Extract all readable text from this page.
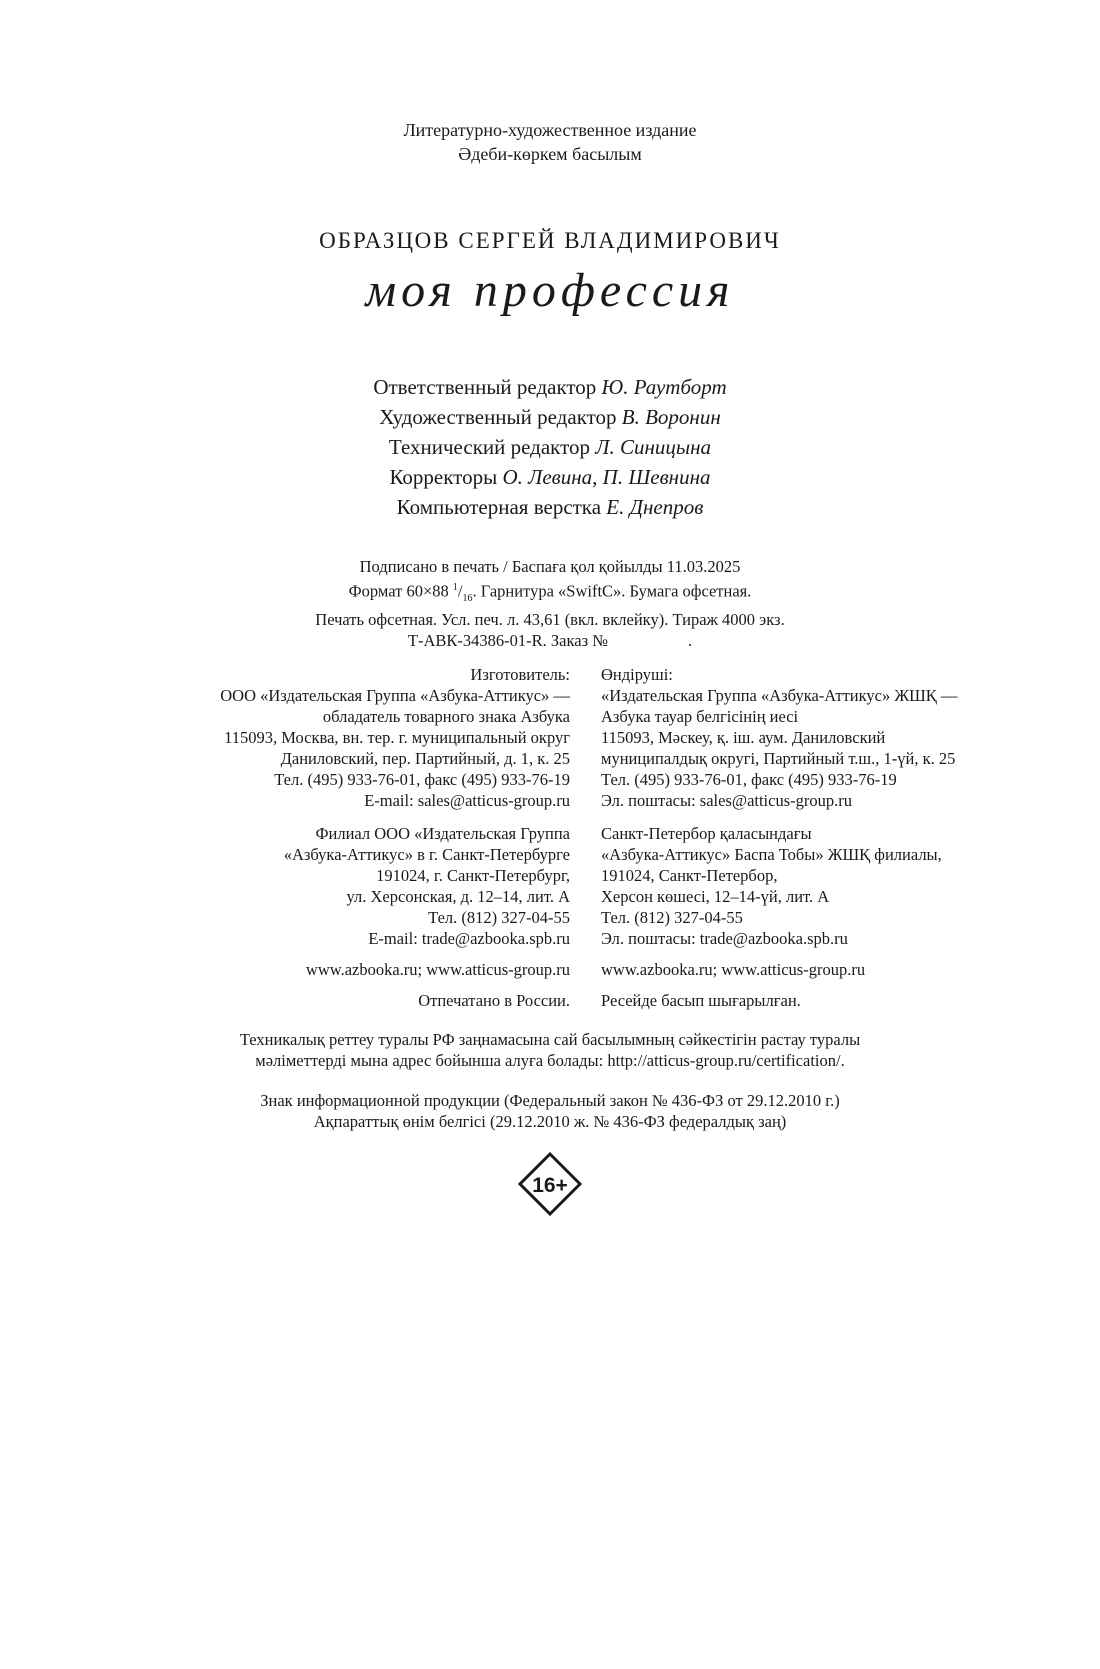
Литературно-художественное издание
Әдеби-көркем басылым
ОБРАЗЦОВ СЕРГЕЙ ВЛАДИМИРОВИЧ
моя профессия
Ответственный редактор Ю. Раутборт
Художественный редактор В. Воронин
Технический редактор Л. Синицына
Корректоры О. Левина, П. Шевнина
Компьютерная верстка Е. Днепров
Подписано в печать / Баспаға қол қойылды 11.03.2025
Формат 60×88 $^1/_{16}$. Гарнитура «SwiftC». Бумага офсетная.
Печать офсетная. Усл. печ. л. 43,61 (вкл. вклейку). Тираж 4000 экз.
Т-АВК-34386-01-R. Заказ №	.
Изготовитель:
ООО «Издательская Группа «Азбука-Аттикус» —
обладатель товарного знака Азбука
115093, Москва, вн. тер. г. муниципальный округ
Даниловский, пер. Партийный, д. 1, к. 25
Тел. (495) 933-76-01, факс (495) 933-76-19
E-mail: sales@atticus-group.ru
Филиал ООО «Издательская Группа
«Азбука-Аттикус» в г. Санкт-Петербурге
191024, г. Санкт-Петербург,
ул. Херсонская, д. 12–14, лит. А
Тел. (812) 327-04-55
E-mail: trade@azbooka.spb.ru
www.azbooka.ru; www.atticus-group.ru
Отпечатано в России.
Өндіруші:
«Издательская Группа «Азбука-Аттикус» ЖШҚ —
Азбука тауар белгісінің иесі
115093, Мәскеу, қ. іш. аум. Даниловский
муниципалдық округі, Партийный т.ш., 1-үй, к. 25
Тел. (495) 933-76-01, факс (495) 933-76-19
Эл. поштасы: sales@atticus-group.ru
Санкт-Петербор қаласындағы
«Азбука-Аттикус» Баспа Тобы» ЖШҚ филиалы,
191024, Санкт-Петербор,
Херсон көшесі, 12–14-үй, лит. А
Тел. (812) 327-04-55
Эл. поштасы: trade@azbooka.spb.ru
www.azbooka.ru; www.atticus-group.ru
Ресейде басып шығарылған.
Техникалық реттеу туралы РФ заңнамасына сай басылымның сәйкестігін растау туралы
мәліметтерді мына адрес бойынша алуға болады: http://atticus-group.ru/certification/.
Знак информационной продукции (Федеральный закон № 436-ФЗ от 29.12.2010 г.)
Ақпараттық өнім белгісі (29.12.2010 ж. № 436-ФЗ федералдық заң)
16+
